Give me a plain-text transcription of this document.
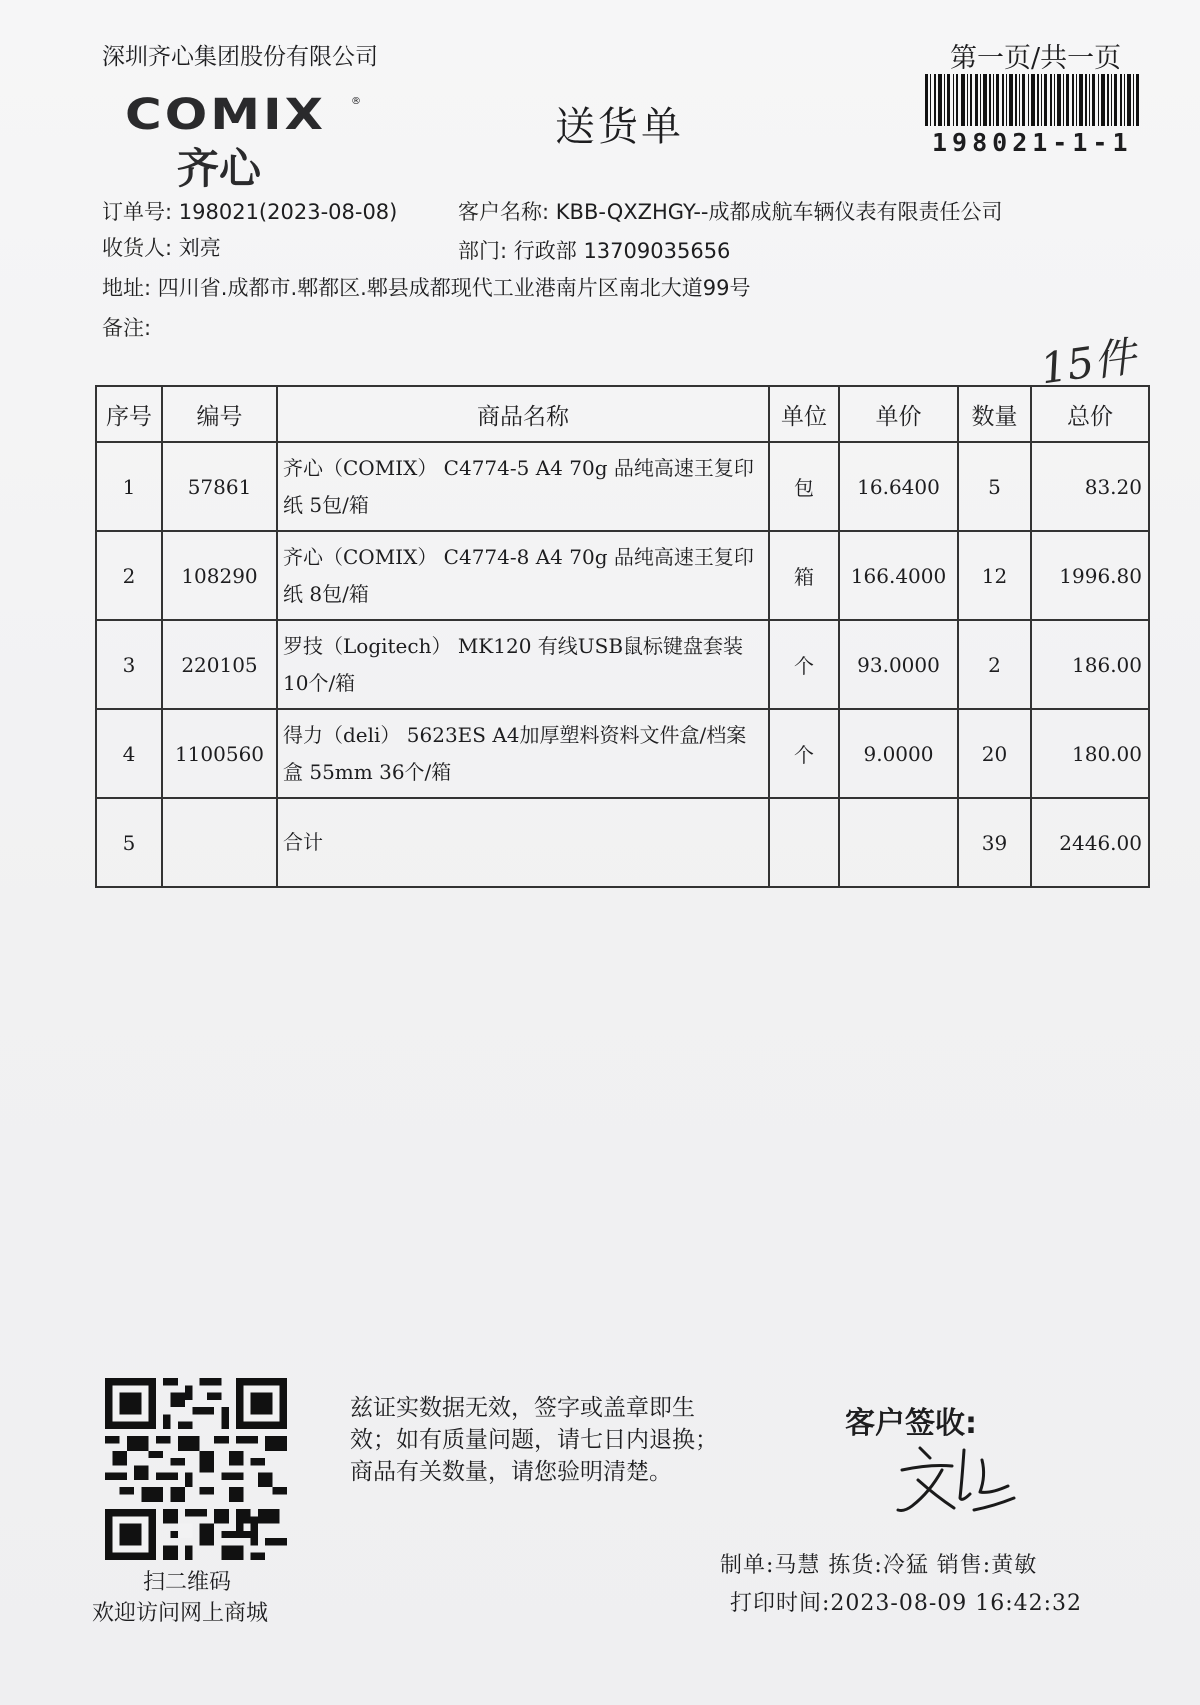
深圳齐心集团股份有限公司	第一页/共一页
COMIX ®
齐心
送货单	198021-1-1
订单号: 198021(2023-08-08)	客户名称: KBB-QXZHGY--成都成航车辆仪表有限责任公司
收货人: 刘亮	部门: 行政部 13709035656
地址: 四川省.成都市.郫都区.郫县成都现代工业港南片区南北大道99号
备注:
15件
序号	编号	商品名称	单位	单价	数量	总价
1	57861	齐心（COMIX） C4774-5 A4 70g 品纯高速王复印纸 5包/箱	包	16.6400	5	83.20
2	108290	齐心（COMIX） C4774-8 A4 70g 品纯高速王复印纸 8包/箱	箱	166.4000	12	1996.80
3	220105	罗技（Logitech） MK120 有线USB鼠标键盘套装 10个/箱	个	93.0000	2	186.00
4	1100560	得力（deli） 5623ES A4加厚塑料资料文件盒/档案盒 55mm 36个/箱	个	9.0000	20	180.00
5		合计			39	2446.00
扫二维码
欢迎访问网上商城
兹证实数据无效，签字或盖章即生
效；如有质量问题，请七日内退换；
商品有关数量，请您验明清楚。
客户签收:
制单:马慧 拣货:冷猛 销售:黄敏
打印时间:2023-08-09 16:42:32
